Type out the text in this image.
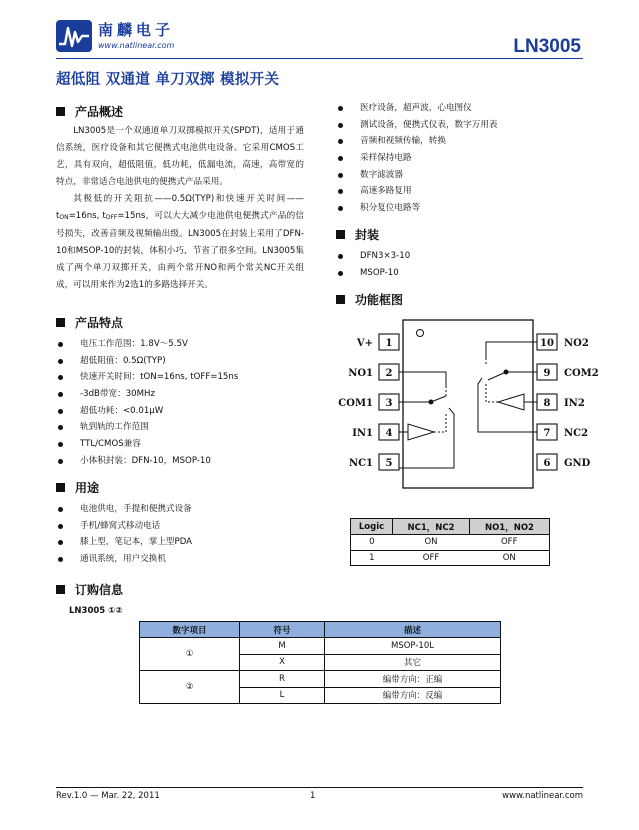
南麟电子
www.natlinear.com	LN3005
超低阻 双通道 单刀双掷 模拟开关
产品概述

LN3005是一个双通道单刀双掷模拟开关(SPDT)，适用于通信系统，医疗设备和其它便携式电池供电设备。它采用CMOS工艺，具有双向，超低阻值，低功耗，低漏电流，高速，高带宽的特点，非常适合电池供电的便携式产品采用。

其极低的开关阻抗——0.5Ω(TYP)和快速开关时间——tON=16ns, tOFF=15ns，可以大大减少电池供电便携式产品的信号损失，改善音频及视频输出级。LN3005在封装上采用了DFN-10和MSOP-10的封装，体积小巧，节省了很多空间。LN3005集成了两个单刀双掷开关，由两个常开NO和两个常关NC开关组成，可以用来作为2选1的多路选择开关。

产品特点
电压工作范围：1.8V～5.5V
超低阻值：0.5Ω(TYP)
快速开关时间：tON=16ns, tOFF=15ns
-3dB带宽：30MHz
超低功耗：<0.01μW
轨到轨的工作范围
TTL/CMOS兼容
小体积封装：DFN-10，MSOP-10
用途
电池供电，手提和便携式设备
手机/蜂窝式移动电话
膝上型，笔记本，掌上型PDA
通讯系统，用户交换机
医疗设备，超声波，心电图仪
测试设备，便携式仪表，数字万用表
音频和视频传输，转换
采样保持电路
数字滤波器
高速多路复用
积分复位电路等
封装
DFN3×3-10
MSOP-10
功能框图
1
2
3
4
5
10
9
8
7
6
V+
NO1
COM1
IN1
NC1
NO2
COM2
IN2
NC2
GND
Logic	NC1，NC2	NO1，NO2
0	ON	OFF
1	OFF	ON
订购信息
LN3005 ①②
数字项目	符号	描述
①	M	MSOP-10L
	X	其它
②	R	编带方向：正编
	L	编带方向：反编
Rev.1.0 — Mar. 22, 2011	1	www.natlinear.com
